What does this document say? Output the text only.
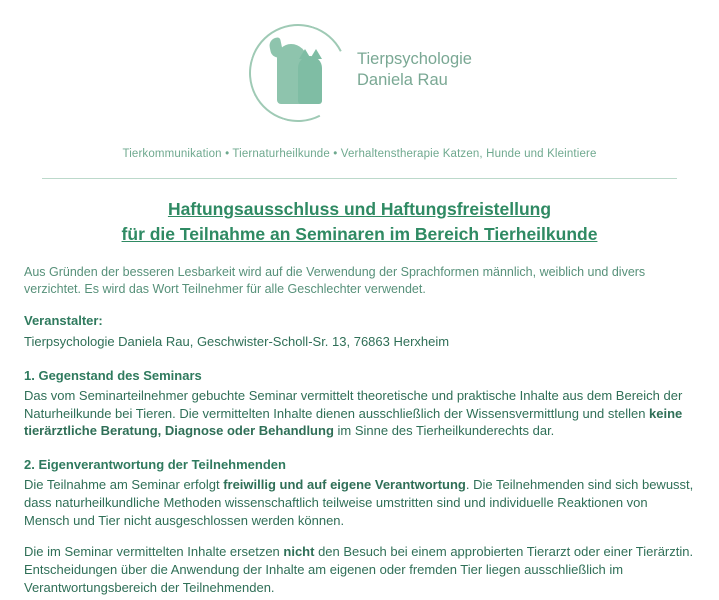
Tierpsychologie
Daniela Rau
Tierkommunikation • Tiernaturheilkunde • Verhaltenstherapie Katzen, Hunde und Kleintiere
Haftungsausschluss und Haftungsfreistellung
für die Teilnahme an Seminaren im Bereich Tierheilkunde
Aus Gründen der besseren Lesbarkeit wird auf die Verwendung der Sprachformen männlich, weiblich und divers verzichtet. Es wird das Wort Teilnehmer für alle Geschlechter verwendet.
Veranstalter:
Tierpsychologie Daniela Rau, Geschwister-Scholl-Sr. 13, 76863 Herxheim
1. Gegenstand des Seminars
Das vom Seminarteilnehmer gebuchte Seminar vermittelt theoretische und praktische Inhalte aus dem Bereich der Naturheilkunde bei Tieren. Die vermittelten Inhalte dienen ausschließlich der Wissensvermittlung und stellen keine tierärztliche Beratung, Diagnose oder Behandlung im Sinne des Tierheilkunderechts dar.
2. Eigenverantwortung der Teilnehmenden
Die Teilnahme am Seminar erfolgt freiwillig und auf eigene Verantwortung. Die Teilnehmenden sind sich bewusst, dass naturheilkundliche Methoden wissenschaftlich teilweise umstritten sind und individuelle Reaktionen von Mensch und Tier nicht ausgeschlossen werden können.
Die im Seminar vermittelten Inhalte ersetzen nicht den Besuch bei einem approbierten Tierarzt oder einer Tierärztin. Entscheidungen über die Anwendung der Inhalte am eigenen oder fremden Tier liegen ausschließlich im Verantwortungsbereich der Teilnehmenden.
